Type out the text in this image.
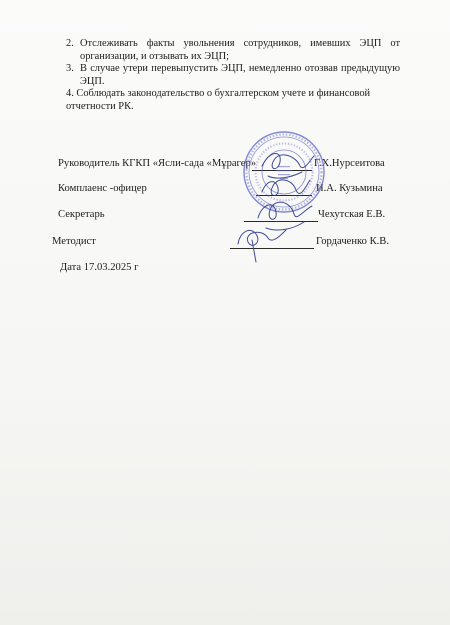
2. Отслеживать факты увольнения сотрудников, имевших ЭЦП от организации, и отзывать их ЭЦП;
3. В случае утери перевыпустить ЭЦП, немедленно отозвав предыдущую ЭЦП.
4. Соблюдать законодательство о бухгалтерском учете и финансовой
отчетности РК.
Руководитель КГКП «Ясли-сада «Мұрагер»	Г.Х.Нурсеитова
Комплаенс -офицер	И.А. Кузьмина
Секретарь	Чехутская Е.В.
Методист	Гордаченко К.В.
Дата 17.03.2025 г
